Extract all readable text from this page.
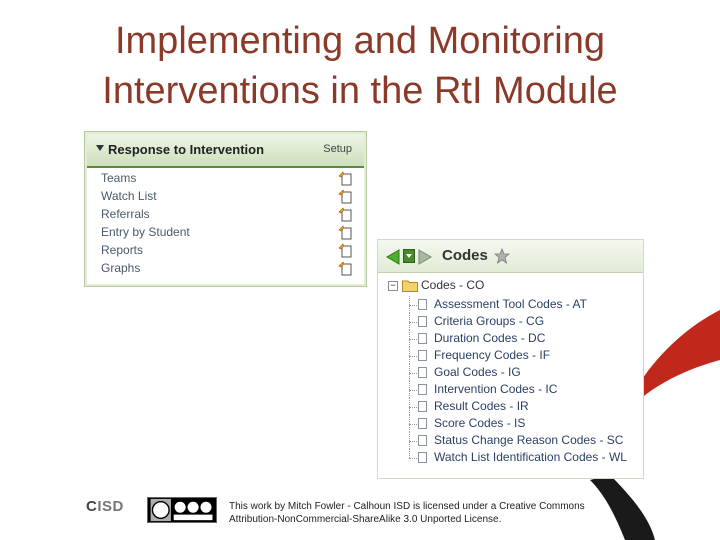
Implementing and Monitoring
Interventions in the RtI Module
Response to Intervention	Setup
Teams
Watch List
Referrals
Entry by Student
Reports
Graphs
Codes
− Codes - CO
Assessment Tool Codes - AT
Criteria Groups - CG
Duration Codes - DC
Frequency Codes - IF
Goal Codes - IG
Intervention Codes - IC
Result Codes - IR
Score Codes - IS
Status Change Reason Codes - SC
Watch List Identification Codes - WL
CISD	This work by Mitch Fowler - Calhoun ISD is licensed under a Creative Commons
Attribution-NonCommercial-ShareAlike 3.0 Unported License.
